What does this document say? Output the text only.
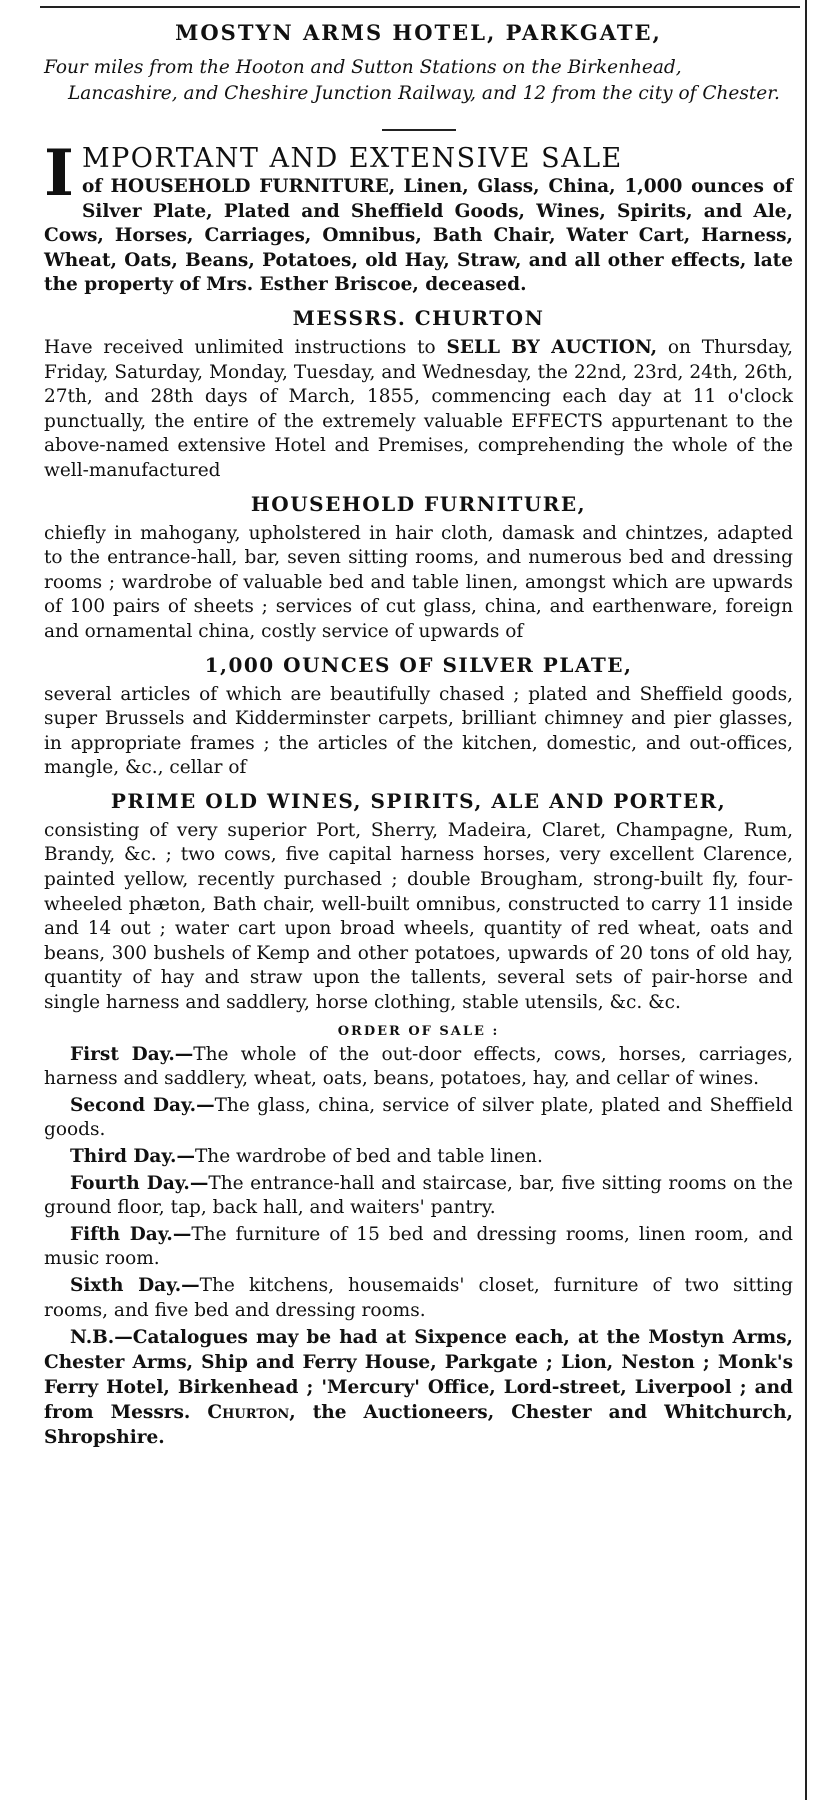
MOSTYN ARMS HOTEL, PARKGATE,
Four miles from the Hooton and Sutton Stations on the Birkenhead,
Lancashire, and Cheshire Junction Railway, and 12 from the city of Chester.
I MPORTANT AND EXTENSIVE SALE

of HOUSEHOLD FURNITURE, Linen, Glass, China, 1,000 ounces of Silver Plate, Plated and Sheffield Goods, Wines, Spirits, and Ale, Cows, Horses, Carriages, Omnibus, Bath Chair, Water Cart, Harness, Wheat, Oats, Beans, Potatoes, old Hay, Straw, and all other effects, late the property of Mrs. Esther Briscoe, deceased.

MESSRS. CHURTON

Have received unlimited instructions to SELL BY AUCTION, on Thursday, Friday, Saturday, Monday, Tuesday, and Wednesday, the 22nd, 23rd, 24th, 26th, 27th, and 28th days of March, 1855, commencing each day at 11 o'clock punctually, the entire of the extremely valuable EFFECTS appurtenant to the above-named extensive Hotel and Premises, comprehending the whole of the well-manufactured

HOUSEHOLD FURNITURE,

chiefly in mahogany, upholstered in hair cloth, damask and chintzes, adapted to the entrance-hall, bar, seven sitting rooms, and numerous bed and dressing rooms ; wardrobe of valuable bed and table linen, amongst which are upwards of 100 pairs of sheets ; services of cut glass, china, and earthenware, foreign and ornamental china, costly service of upwards of

1,000 OUNCES OF SILVER PLATE,

several articles of which are beautifully chased ; plated and Sheffield goods, super Brussels and Kidderminster carpets, brilliant chimney and pier glasses, in appropriate frames ; the articles of the kitchen, domestic, and out-offices, mangle, &c., cellar of

PRIME OLD WINES, SPIRITS, ALE AND PORTER,

consisting of very superior Port, Sherry, Madeira, Claret, Champagne, Rum, Brandy, &c. ; two cows, five capital harness horses, very excellent Clarence, painted yellow, recently purchased ; double Brougham, strong-built fly, four-wheeled phæton, Bath chair, well-built omnibus, constructed to carry 11 inside and 14 out ; water cart upon broad wheels, quantity of red wheat, oats and beans, 300 bushels of Kemp and other potatoes, upwards of 20 tons of old hay, quantity of hay and straw upon the tallents, several sets of pair-horse and single harness and saddlery, horse clothing, stable utensils, &c. &c.

ORDER OF SALE :

First Day.—The whole of the out-door effects, cows, horses, carriages, harness and saddlery, wheat, oats, beans, potatoes, hay, and cellar of wines.

Second Day.—The glass, china, service of silver plate, plated and Sheffield goods.

Third Day.—The wardrobe of bed and table linen.

Fourth Day.—The entrance-hall and staircase, bar, five sitting rooms on the ground floor, tap, back hall, and waiters' pantry.

Fifth Day.—The furniture of 15 bed and dressing rooms, linen room, and music room.

Sixth Day.—The kitchens, housemaids' closet, furniture of two sitting rooms, and five bed and dressing rooms.

N.B.—Catalogues may be had at Sixpence each, at the Mostyn Arms, Chester Arms, Ship and Ferry House, Parkgate ; Lion, Neston ; Monk's Ferry Hotel, Birkenhead ; 'Mercury' Office, Lord-street, Liverpool ; and from Messrs. Churton, the Auctioneers, Chester and Whitchurch, Shropshire.
